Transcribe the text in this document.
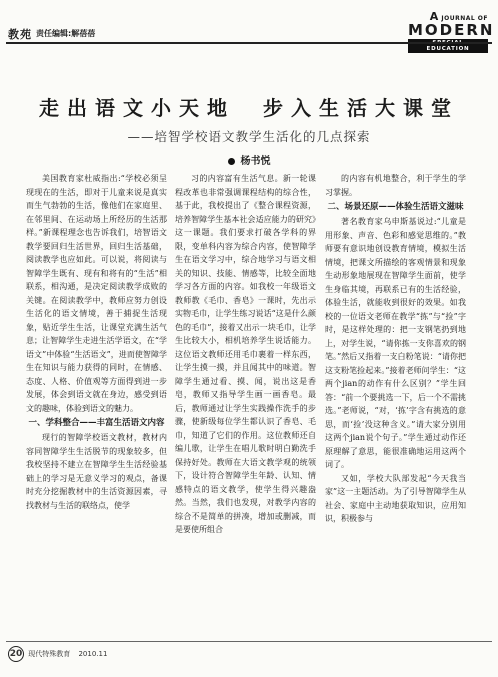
教苑 责任编辑:解蓓蓓
A JOURNAL OF
MODERN
EDUCATION
走出语文小天地　步入生活大课堂
——培智学校语文教学生活化的几点探索
杨书悦

美国教育家杜威指出:“学校必须呈现现在的生活，即对于儿童来说是真实而生气勃勃的生活，像他们在家庭里、在邻里间、在运动场上所经历的生活那样。”新课程理念也告诉我们，培智语文教学要回归生活世界，回归生活基础，阅读教学也应如此。可以说，将阅读与智障学生既有、现有和将有的“生活”相联系，相沟通，是决定阅读教学成败的关键。在阅读教学中，教师应努力创设生活化的语文情境，善于捕捉生活现象，贴近学生生活，让课堂充满生活气息；让智障学生走进生活学语文，在“学语文”中体验“生活语文”，进而使智障学生在知识与能力获得的同时，在情感、态度、人格、价值观等方面得到进一步发展，体会到语文就在身边，感受到语文的趣味，体验到语文的魅力。

一、学科整合——丰富生活语文内容

现行的智障学校语文教材，教材内容同智障学生生活脱节的现象较多，但我校坚持不建立在智障学生生活经验基础上的学习是无意义学习的观点，备课时充分挖掘教材中的生活资源因素，寻找教材与生活的联络点，使学

习的内容富有生活气息。新一轮课程改革也非常强调课程结构的综合性，基于此，我校提出了《整合课程资源，培养智障学生基本社会适应能力的研究》这一课题。我们要求打破各学科的界限，变单科内容为综合内容，使智障学生在语文学习中，综合地学习与语文相关的知识、技能、情感等，比较全面地学习各方面的内容。如我校一年级语文教师教《毛巾、香皂》一课时，先出示实物毛巾，让学生练习说话“这是什么颜色的毛巾”，接着又出示一块毛巾，让学生比较大小，相机培养学生说话能力。这位语文教师还用毛巾裹着一样东西，让学生摸一摸，并且闻其中的味道。智障学生通过看、摸、闻，说出这是香皂，教师又指导学生画一画香皂。最后，教师通过让学生实践操作洗手的步骤，使新级每位学生都认识了香皂、毛巾，知道了它们的作用。这位教师还自编儿歌，让学生在唱儿歌时明白勤洗手保持好处。教师在大语文教学观的统领下，设计符合智障学生年龄、认知、情感特点的语文教学，使学生得兴趣盎然。当然，我们也发现，对教学内容的综合不是简单的拼凑，增加或删减，而是要使所组合

的内容有机地整合，利于学生的学习掌握。

二、场景还原——体验生活语文滋味

著名教育家乌申斯基说过:“儿童是用形象、声音、色彩和感觉思维的。”教师要有意识地创设教育情境，模拟生活情境，把课文所描绘的客观情景和现象生动形象地展现在智障学生面前，使学生身临其境，再联系已有的生活经验，体验生活，就能收到很好的效果。如我校的一位语文老师在教学“拣”与“捡”字时，是这样处理的：把一支钢笔扔到地上，对学生说，“请你拣一支你喜欢的钢笔。”然后又指着一支白粉笔说：“请你把这支粉笔捡起来。”接着老师问学生：“这两个jian的动作有什么区别？”学生回答：“前一个要挑选一下，后一个不需挑选。”老师说，“对，‘拣’字含有挑选的意思，而‘捡’没这种含义。”请大家分别用这两个jian说个句子。”学生通过动作还原理解了意思，能很准确地运用这两个词了。

又如，学校大队部发起“今天我当家”这一主题活动。为了引导智障学生从社会、家庭中主动地获取知识，应用知识，积极参与

20 现代特殊教育 2010.11
